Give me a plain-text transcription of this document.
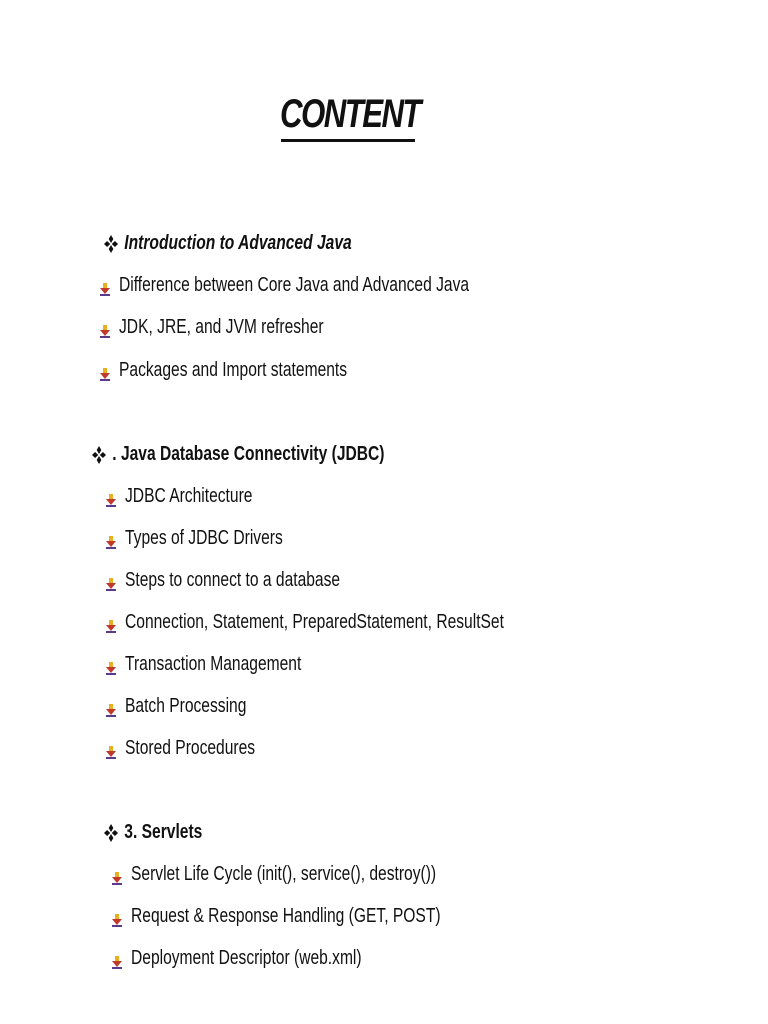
CONTENT
Introduction to Advanced Java
Difference between Core Java and Advanced Java
JDK, JRE, and JVM refresher
Packages and Import statements
. Java Database Connectivity (JDBC)
JDBC Architecture
Types of JDBC Drivers
Steps to connect to a database
Connection, Statement, PreparedStatement, ResultSet
Transaction Management
Batch Processing
Stored Procedures
3. Servlets
Servlet Life Cycle (init(), service(), destroy())
Request & Response Handling (GET, POST)
Deployment Descriptor (web.xml)
